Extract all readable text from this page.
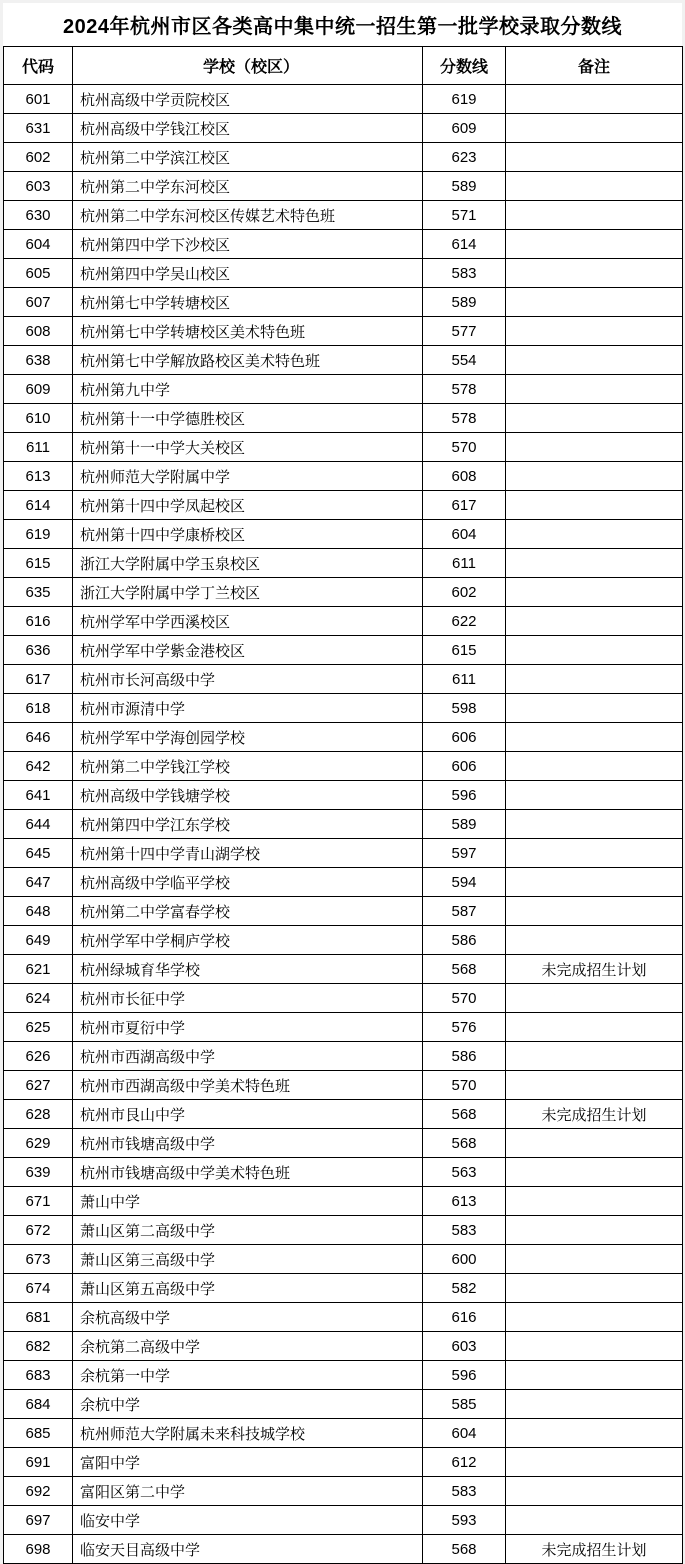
2024年杭州市区各类高中集中统一招生第一批学校录取分数线
代码	学校（校区）	分数线	备注
601	杭州高级中学贡院校区	619	
631	杭州高级中学钱江校区	609	
602	杭州第二中学滨江校区	623	
603	杭州第二中学东河校区	589	
630	杭州第二中学东河校区传媒艺术特色班	571	
604	杭州第四中学下沙校区	614	
605	杭州第四中学吴山校区	583	
607	杭州第七中学转塘校区	589	
608	杭州第七中学转塘校区美术特色班	577	
638	杭州第七中学解放路校区美术特色班	554	
609	杭州第九中学	578	
610	杭州第十一中学德胜校区	578	
611	杭州第十一中学大关校区	570	
613	杭州师范大学附属中学	608	
614	杭州第十四中学凤起校区	617	
619	杭州第十四中学康桥校区	604	
615	浙江大学附属中学玉泉校区	611	
635	浙江大学附属中学丁兰校区	602	
616	杭州学军中学西溪校区	622	
636	杭州学军中学紫金港校区	615	
617	杭州市长河高级中学	611	
618	杭州市源清中学	598	
646	杭州学军中学海创园学校	606	
642	杭州第二中学钱江学校	606	
641	杭州高级中学钱塘学校	596	
644	杭州第四中学江东学校	589	
645	杭州第十四中学青山湖学校	597	
647	杭州高级中学临平学校	594	
648	杭州第二中学富春学校	587	
649	杭州学军中学桐庐学校	586	
621	杭州绿城育华学校	568	未完成招生计划
624	杭州市长征中学	570	
625	杭州市夏衍中学	576	
626	杭州市西湖高级中学	586	
627	杭州市西湖高级中学美术特色班	570	
628	杭州市艮山中学	568	未完成招生计划
629	杭州市钱塘高级中学	568	
639	杭州市钱塘高级中学美术特色班	563	
671	萧山中学	613	
672	萧山区第二高级中学	583	
673	萧山区第三高级中学	600	
674	萧山区第五高级中学	582	
681	余杭高级中学	616	
682	余杭第二高级中学	603	
683	余杭第一中学	596	
684	余杭中学	585	
685	杭州师范大学附属未来科技城学校	604	
691	富阳中学	612	
692	富阳区第二中学	583	
697	临安中学	593	
698	临安天目高级中学	568	未完成招生计划
